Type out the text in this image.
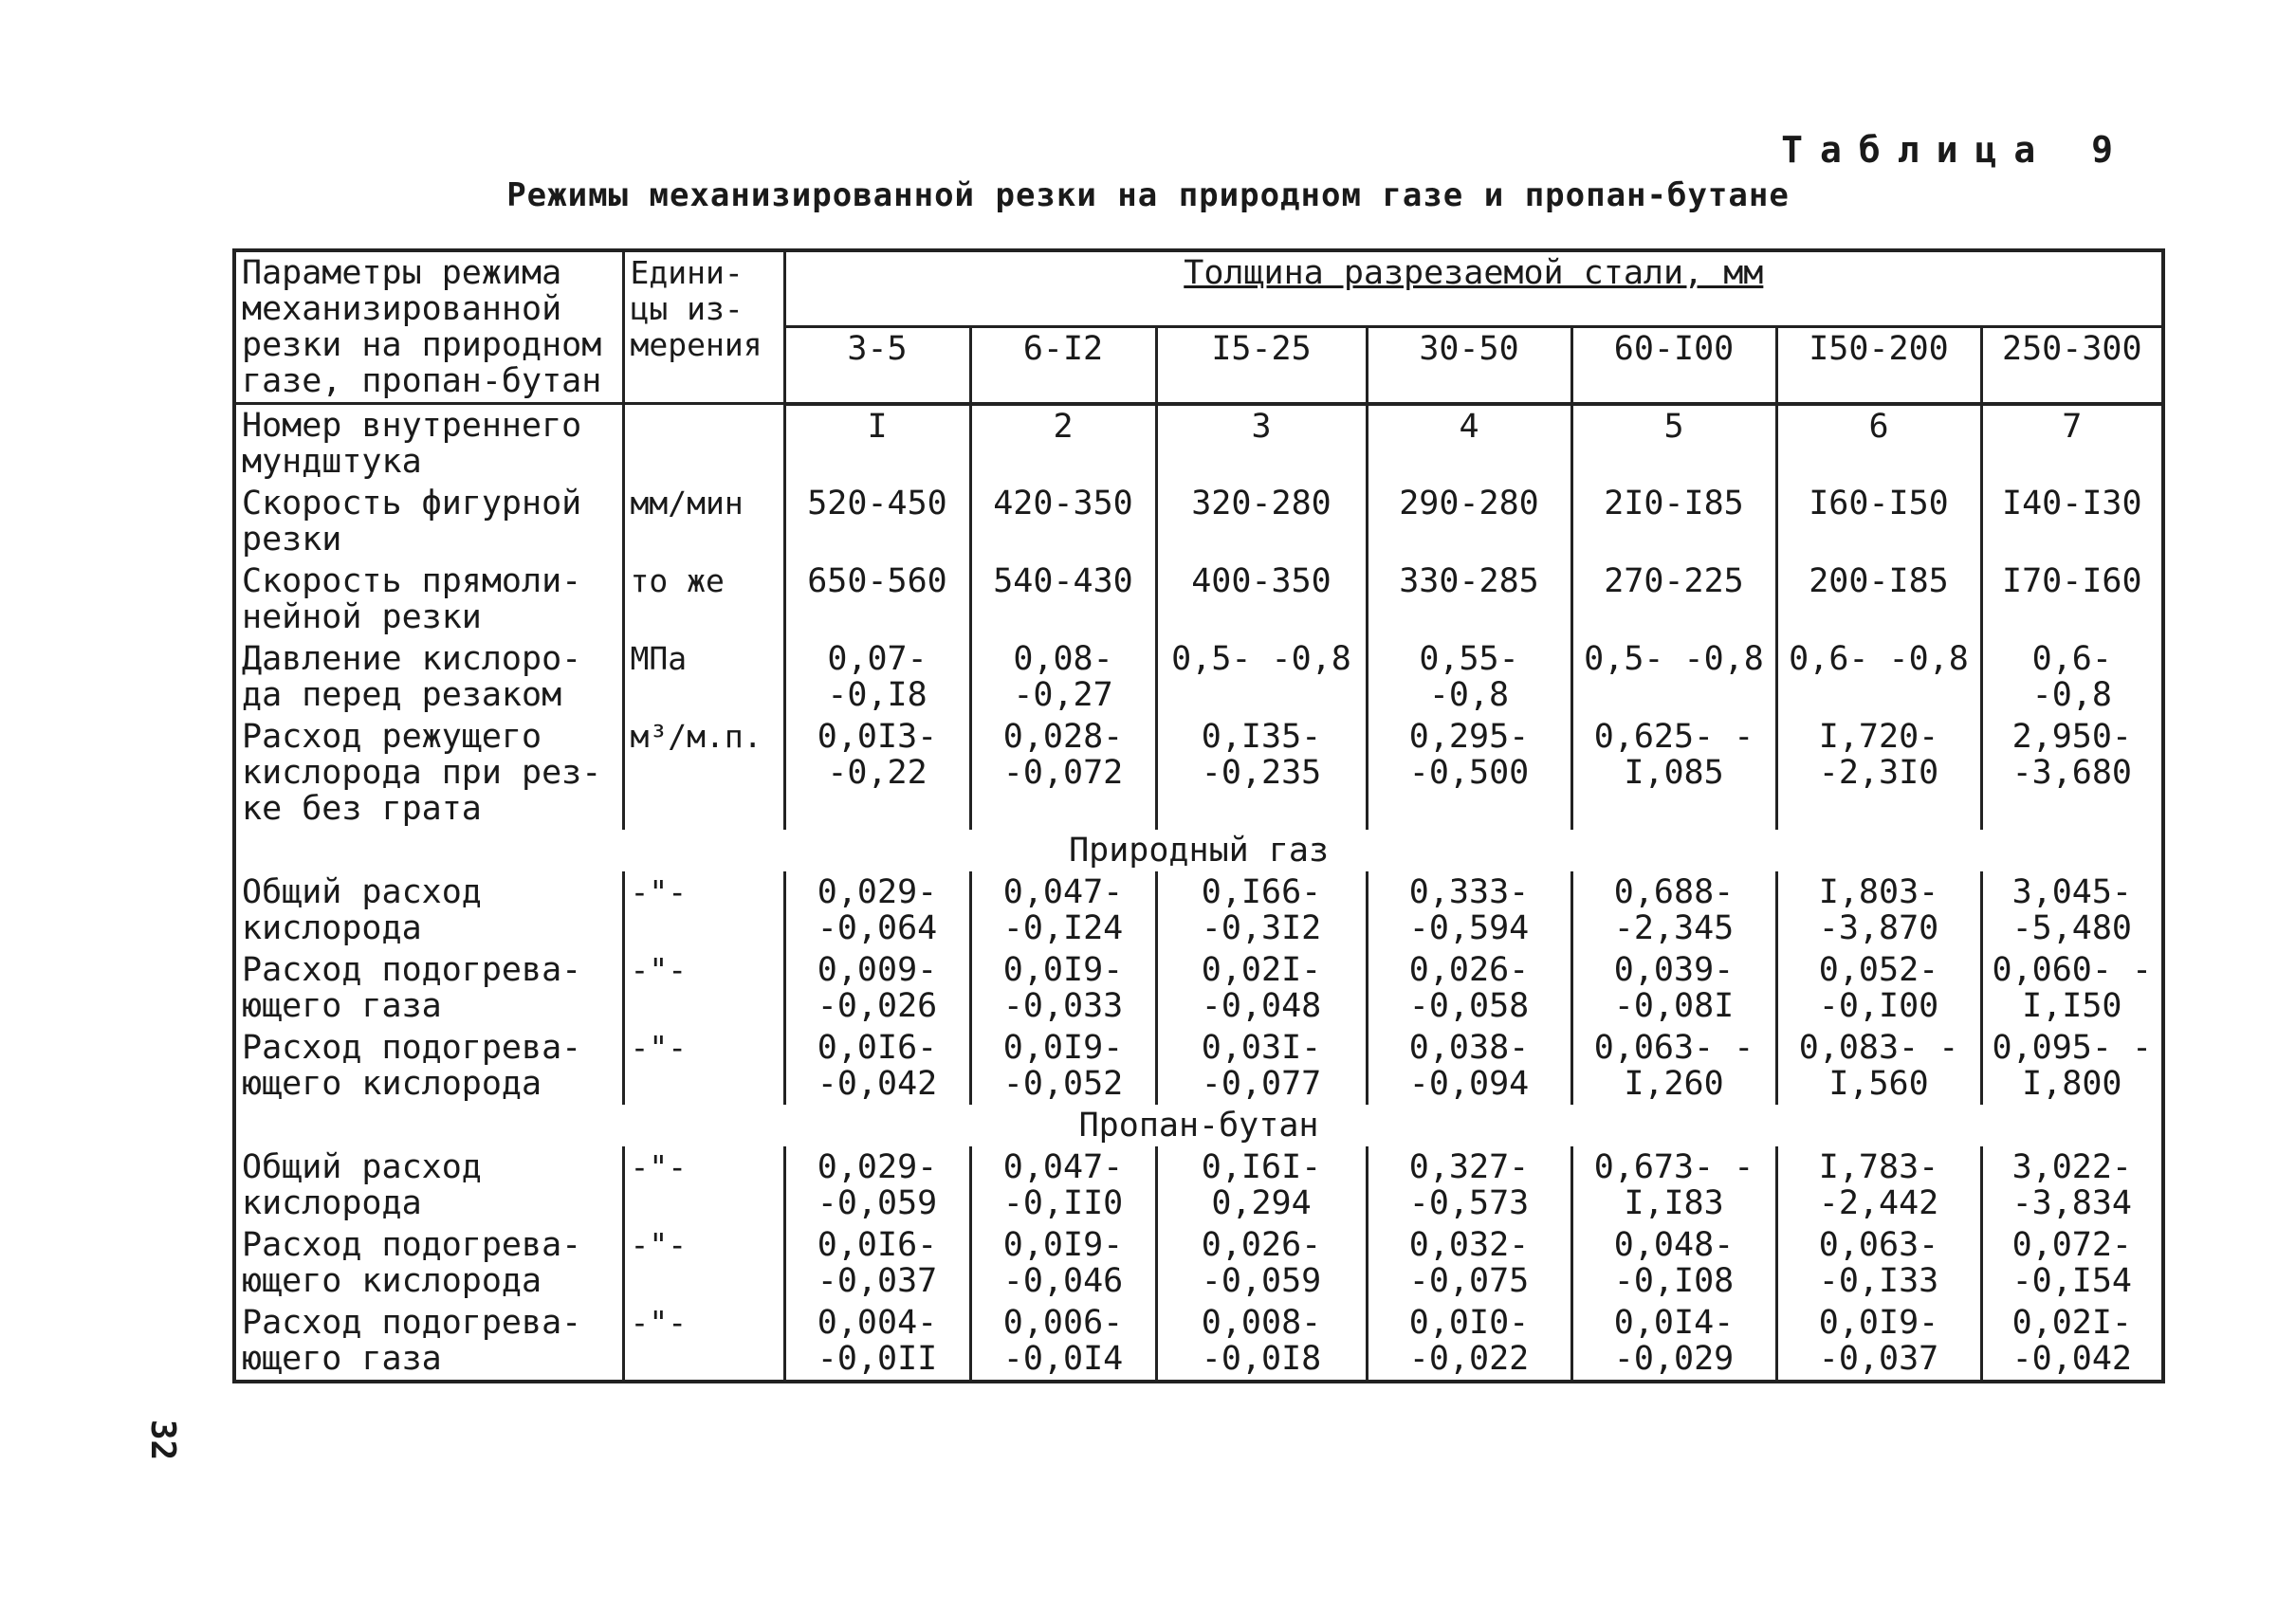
Таблица 9
Режимы механизированной резки на природном газе и пропан-бутане
Параметры режима механизированной резки на природном газе, пропан-бутан	Едини- цы из- мерения	Толщина разрезаемой стали, мм						
		3-5	6-I2	I5-25	30-50	60-I00	I50-200	250-300
Номер внутреннего мундштука		I	2	3	4	5	6	7
Скорость фигурной резки	мм/мин	520-450	420-350	320-280	290-280	2I0-I85	I60-I50	I40-I30
Скорость прямоли- нейной резки	то же	650-560	540-430	400-350	330-285	270-225	200-I85	I70-I60
Давление кислоро- да перед резаком	МПа	0,07- -0,I8	0,08- -0,27	0,5- -0,8	0,55- -0,8	0,5- -0,8	0,6- -0,8	0,6- -0,8
Расход режущего кислорода при рез- ке без грата	м³/м.п.	0,0I3- -0,22	0,028- -0,072	0,I35- -0,235	0,295- -0,500	0,625- -I,085	I,720- -2,3I0	2,950- -3,680
Природный газ								
Общий расход кислорода	-"-	0,029- -0,064	0,047- -0,I24	0,I66- -0,3I2	0,333- -0,594	0,688- -2,345	I,803- -3,870	3,045- -5,480
Расход подогрева- ющего газа	-"-	0,009- -0,026	0,0I9- -0,033	0,02I- -0,048	0,026- -0,058	0,039- -0,08I	0,052- -0,I00	0,060- -I,I50
Расход подогрева- ющего кислорода	-"-	0,0I6- -0,042	0,0I9- -0,052	0,03I- -0,077	0,038- -0,094	0,063- -I,260	0,083- -I,560	0,095- -I,800
Пропан-бутан								
Общий расход кислорода	-"-	0,029- -0,059	0,047- -0,II0	0,I6I- 0,294	0,327- -0,573	0,673- -I,I83	I,783- -2,442	3,022- -3,834
Расход подогрева- ющего кислорода	-"-	0,0I6- -0,037	0,0I9- -0,046	0,026- -0,059	0,032- -0,075	0,048- -0,I08	0,063- -0,I33	0,072- -0,I54
Расход подогрева- ющего газа	-"-	0,004- -0,0II	0,006- -0,0I4	0,008- -0,0I8	0,0I0- -0,022	0,0I4- -0,029	0,0I9- -0,037	0,02I- -0,042
32
